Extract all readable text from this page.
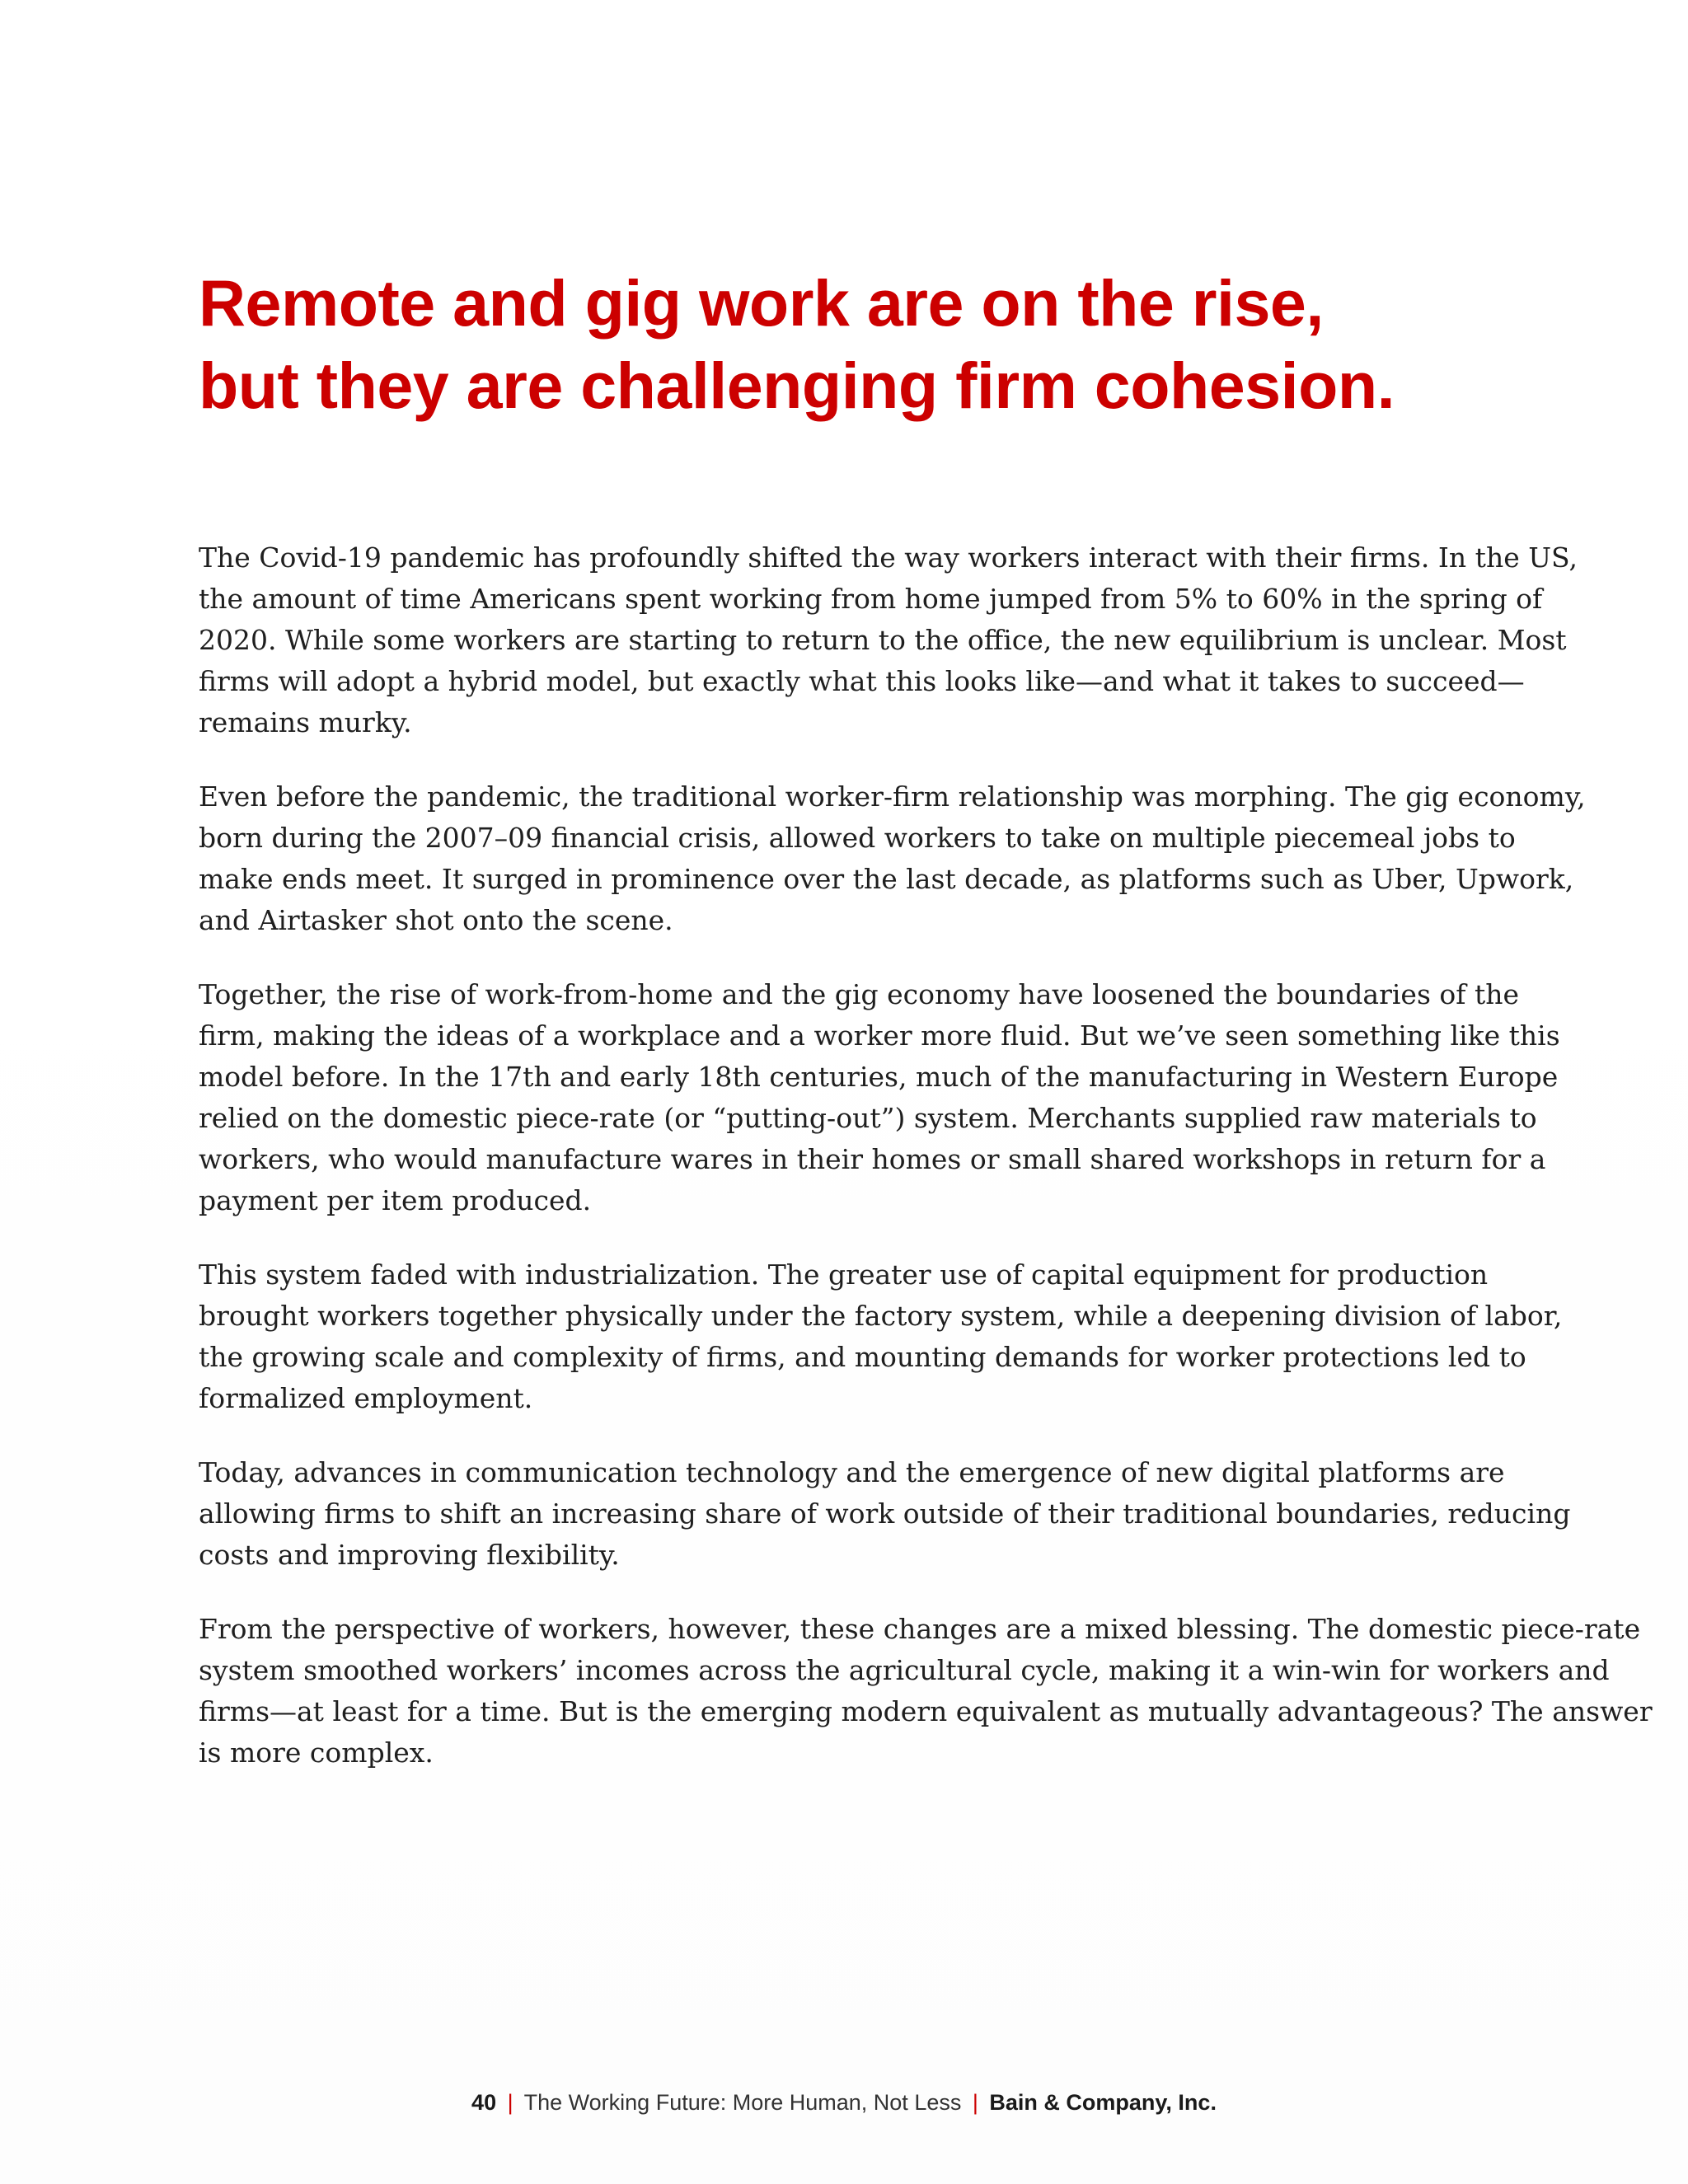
Remote and gig work are on the rise,
but they are challenging firm cohesion.

The Covid-19 pandemic has profoundly shifted the way workers interact with their firms. In the US,
the amount of time Americans spent working from home jumped from 5% to 60% in the spring of
2020. While some workers are starting to return to the office, the new equilibrium is unclear. Most
firms will adopt a hybrid model, but exactly what this looks like—and what it takes to succeed—
remains murky.

Even before the pandemic, the traditional worker-firm relationship was morphing. The gig economy,
born during the 2007–09 financial crisis, allowed workers to take on multiple piecemeal jobs to
make ends meet. It surged in prominence over the last decade, as platforms such as Uber, Upwork,
and Airtasker shot onto the scene.

Together, the rise of work-from-home and the gig economy have loosened the boundaries of the
firm, making the ideas of a workplace and a worker more fluid. But we’ve seen something like this
model before. In the 17th and early 18th centuries, much of the manufacturing in Western Europe
relied on the domestic piece-rate (or “putting-out”) system. Merchants supplied raw materials to
workers, who would manufacture wares in their homes or small shared workshops in return for a
payment per item produced.

This system faded with industrialization. The greater use of capital equipment for production
brought workers together physically under the factory system, while a deepening division of labor,
the growing scale and complexity of firms, and mounting demands for worker protections led to
formalized employment.

Today, advances in communication technology and the emergence of new digital platforms are
allowing firms to shift an increasing share of work outside of their traditional boundaries, reducing
costs and improving flexibility.

From the perspective of workers, however, these changes are a mixed blessing. The domestic piece-rate
system smoothed workers’ incomes across the agricultural cycle, making it a win-win for workers and
firms—at least for a time. But is the emerging modern equivalent as mutually advantageous? The answer
is more complex.

40 | The Working Future: More Human, Not Less | Bain & Company, Inc.
